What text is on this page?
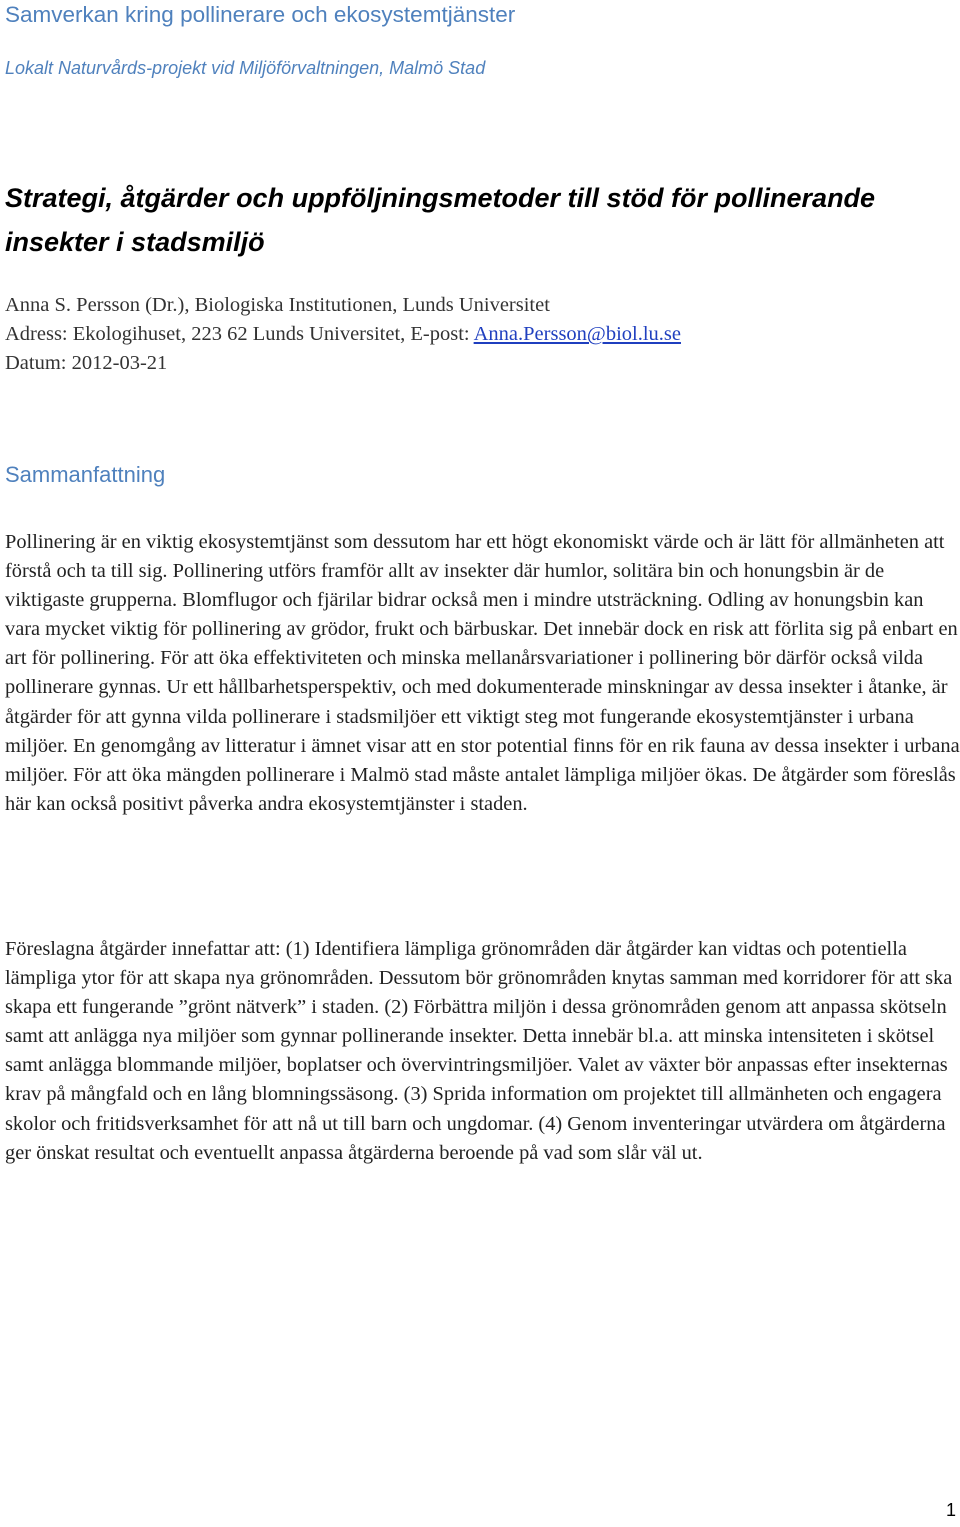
Samverkan kring pollinerare och ekosystemtjänster

Lokalt Naturvårds-projekt vid Miljöförvaltningen, Malmö Stad

Strategi, åtgärder och uppföljningsmetoder till stöd för pollinerande insekter i stadsmiljö

Anna S. Persson (Dr.), Biologiska Institutionen, Lunds Universitet

Adress: Ekologihuset, 223 62 Lunds Universitet, E-post: Anna.Persson@biol.lu.se

Datum: 2012-03-21

Sammanfattning

Pollinering är en viktig ekosystemtjänst som dessutom har ett högt ekonomiskt värde och är lätt för allmänheten att förstå och ta till sig. Pollinering utförs framför allt av insekter där humlor, solitära bin och honungsbin är de viktigaste grupperna. Blomflugor och fjärilar bidrar också men i mindre utsträckning. Odling av honungsbin kan vara mycket viktig för pollinering av grödor, frukt och bärbuskar. Det innebär dock en risk att förlita sig på enbart en art för pollinering. För att öka effektiviteten och minska mellanårsvariationer i pollinering bör därför också vilda pollinerare gynnas. Ur ett hållbarhetsperspektiv, och med dokumenterade minskningar av dessa insekter i åtanke, är åtgärder för att gynna vilda pollinerare i stadsmiljöer ett viktigt steg mot fungerande ekosystemtjänster i urbana miljöer. En genomgång av litteratur i ämnet visar att en stor potential finns för en rik fauna av dessa insekter i urbana miljöer. För att öka mängden pollinerare i Malmö stad måste antalet lämpliga miljöer ökas. De åtgärder som föreslås här kan också positivt påverka andra ekosystemtjänster i staden.

Föreslagna åtgärder innefattar att: (1) Identifiera lämpliga grönområden där åtgärder kan vidtas och potentiella lämpliga ytor för att skapa nya grönområden. Dessutom bör grönområden knytas samman med korridorer för att ska skapa ett fungerande ”grönt nätverk” i staden. (2) Förbättra miljön i dessa grönområden genom att anpassa skötseln samt att anlägga nya miljöer som gynnar pollinerande insekter. Detta innebär bl.a. att minska intensiteten i skötsel samt anlägga blommande miljöer, boplatser och övervintringsmiljöer. Valet av växter bör anpassas efter insekternas krav på mångfald och en lång blomningssäsong. (3) Sprida information om projektet till allmänheten och engagera skolor och fritidsverksamhet för att nå ut till barn och ungdomar. (4) Genom inventeringar utvärdera om åtgärderna ger önskat resultat och eventuellt anpassa åtgärderna beroende på vad som slår väl ut.

1
